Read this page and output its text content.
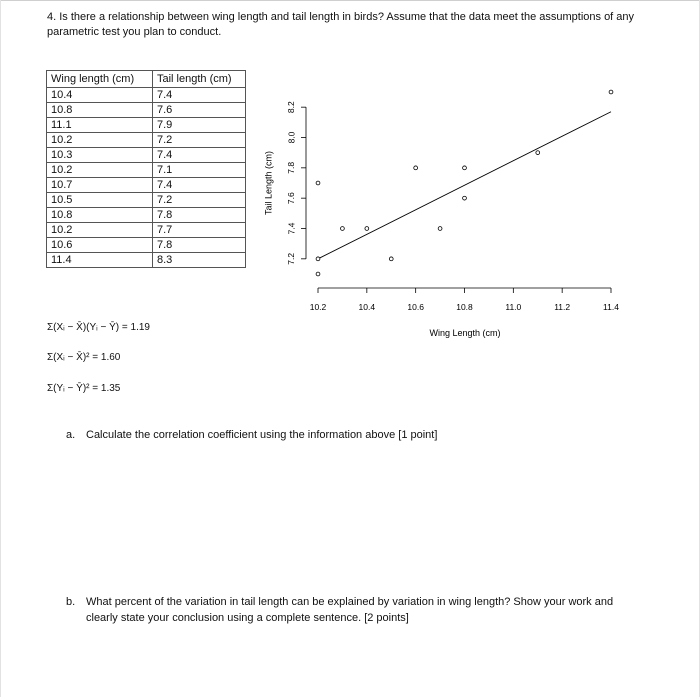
4. Is there a relationship between wing length and tail length in birds? Assume that the data meet the assumptions of any parametric test you plan to conduct.
Wing length (cm)	Tail length (cm)
10.4	7.4
10.8	7.6
11.1	7.9
10.2	7.2
10.3	7.4
10.2	7.1
10.7	7.4
10.5	7.2
10.8	7.8
10.2	7.7
10.6	7.8
11.4	8.3
Σ(Xᵢ − X̄)(Yᵢ − Ȳ) = 1.19
Σ(Xᵢ − X̄)² = 1.60
Σ(Yᵢ − Ȳ)² = 1.35
7.2
7.4
7.6
7.8
8.0
8.2
Tail Length (cm)
10.2	10.4	10.6	10.8	11.0	11.2	11.4
Wing Length (cm)
a. Calculate the correlation coefficient using the information above [1 point]
b. What percent of the variation in tail length can be explained by variation in wing length? Show your work and
clearly state your conclusion using a complete sentence. [2 points]
